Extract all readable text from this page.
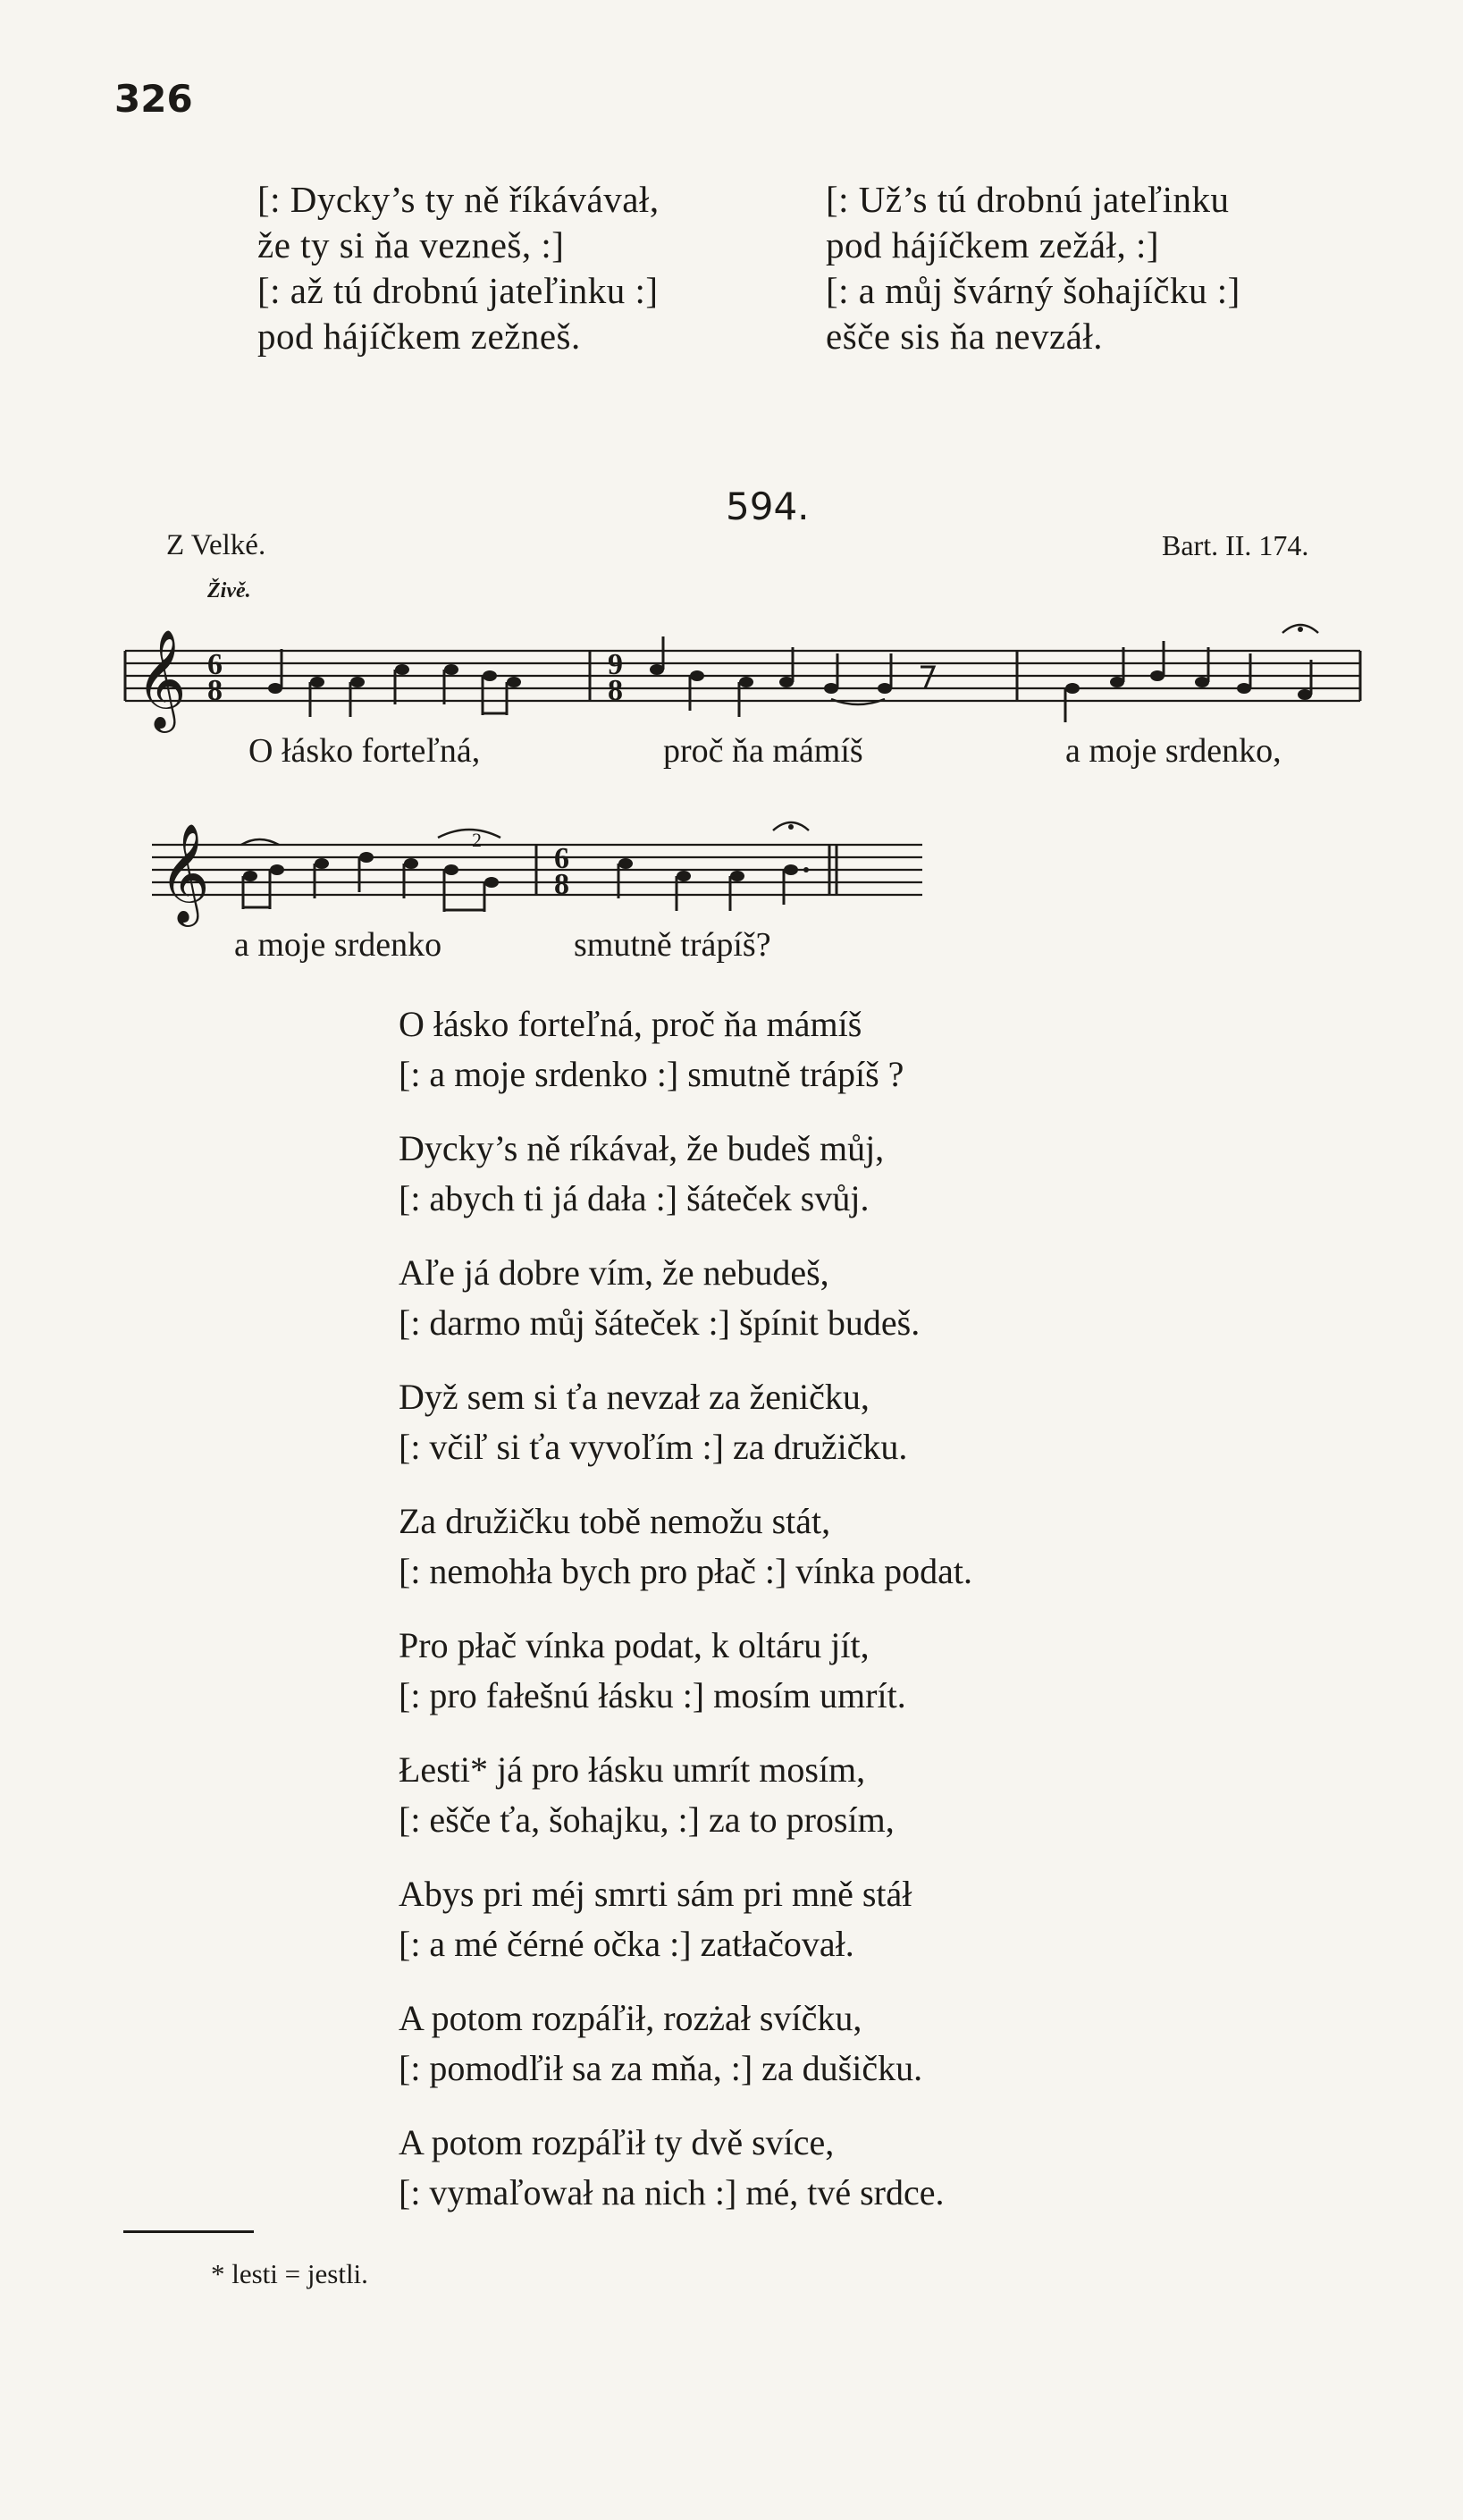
326
[: Dycky’s ty ně říkávávał,
že ty si ňa vezneš, :]
[: až tú drobnú jateľinku :]
pod hájíčkem zežneš.
[: Už’s tú drobnú jateľinku
pod hájíčkem zežáł, :]
[: a můj švárný šohajíčku :]
ešče sis ňa nevzáł.
594.
Z Velké.	Bart. II. 174.
Živě.
𝄞 6
8
9
8
O łásko forteľná,	proč ňa mámíš	a moje srdenko,
𝄞	2
6
8
a moje srdenko	smutně trápíš?
O łásko forteľná, proč ňa mámíš
[: a moje srdenko :] smutně trápíš ?
Dycky’s ně ríkávał, že budeš můj,
[: abych ti já dała :] šáteček svůj.
Aľe já dobre vím, že nebudeš,
[: darmo můj šáteček :] špínit budeš.
Dyž sem si ťa nevzał za ženičku,
[: včiľ si ťa vyvoľím :] za družičku.
Za družičku tobě nemožu stát,
[: nemohła bych pro płač :] vínka podat.
Pro płač vínka podat, k oltáru jít,
[: pro fałešnú łásku :] mosím umrít.
Łesti* já pro łásku umrít mosím,
[: ešče ťa, šohajku, :] za to prosím,
Abys pri méj smrti sám pri mně stáł
[: a mé čérné očka :] zatłačovał.
A potom rozpáľił, rozżał svíčku,
[: pomodľił sa za mňa, :] za dušičku.
A potom rozpáľił ty dvě svíce,
[: vymaľował na nich :] mé, tvé srdce.
* lesti = jestli.
